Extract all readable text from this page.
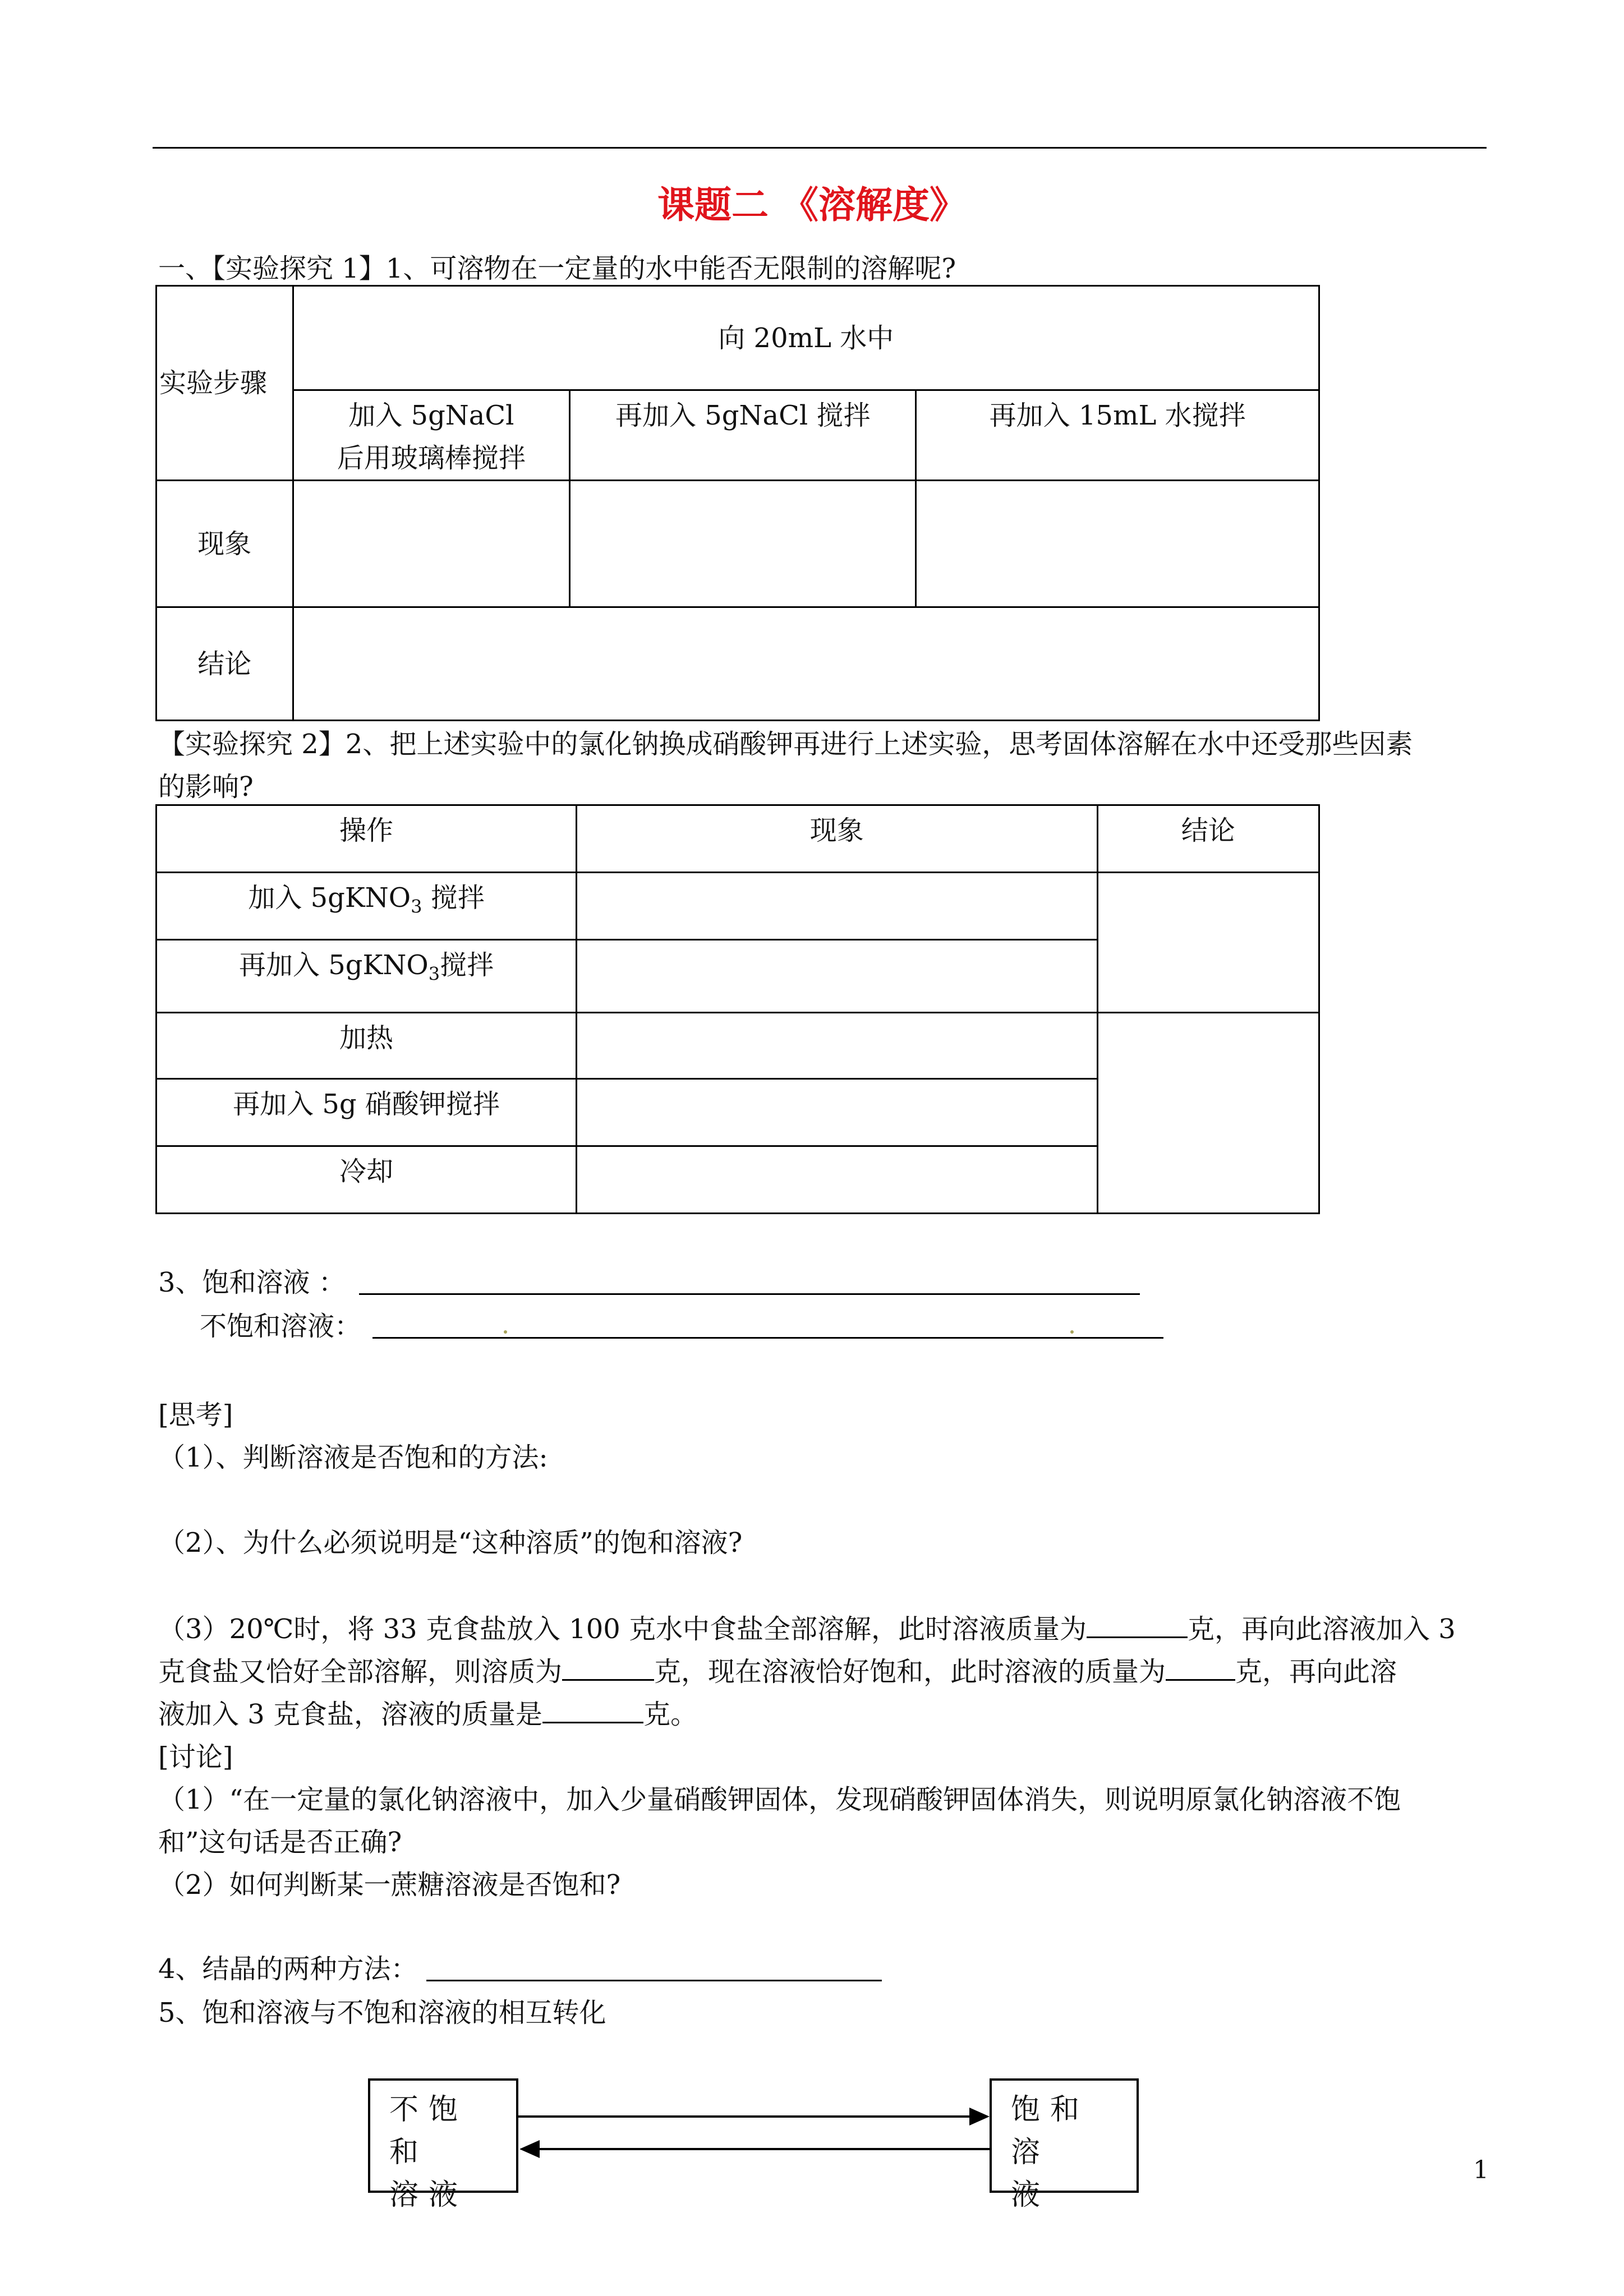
课题二 《溶解度》
一、【实验探究 1】1、可溶物在一定量的水中能否无限制的溶解呢?
实验步骤	向 20mL 水中		

	加入 5gNaCl 后用玻璃棒搅拌	再加入 5gNaCl 搅拌	再加入 15mL 水搅拌
现象			
结论			
【实验探究 2】2、把上述实验中的氯化钠换成硝酸钾再进行上述实验，思考固体溶解在水中还受那些因素
的影响?
操作	现象	结论
加入 5gKNO$_3$ 搅拌		
再加入 5gKNO$_3$搅拌		
加热		
再加入 5g 硝酸钾搅拌		
冷却		
3、饱和溶液 ：
不饱和溶液：
[思考]
（1）、判断溶液是否饱和的方法:
（2）、为什么必须说明是“这种溶质”的饱和溶液?
（3）20℃时，将 33 克食盐放入 100 克水中食盐全部溶解，此时溶液质量为	克，再向此溶液加入 3
克食盐又恰好全部溶解，则溶质为	克，现在溶液恰好饱和，此时溶液的质量为	克，再向此溶
液加入 3 克食盐，溶液的质量是	克。
[讨论]
（1）“在一定量的氯化钠溶液中，加入少量硝酸钾固体，发现硝酸钾固体消失，则说明原氯化钠溶液不饱
和”这句话是否正确?
（2）如何判断某一蔗糖溶液是否饱和?
4、结晶的两种方法：
5、饱和溶液与不饱和溶液的相互转化
不饱和
溶液
饱和溶
液
1
